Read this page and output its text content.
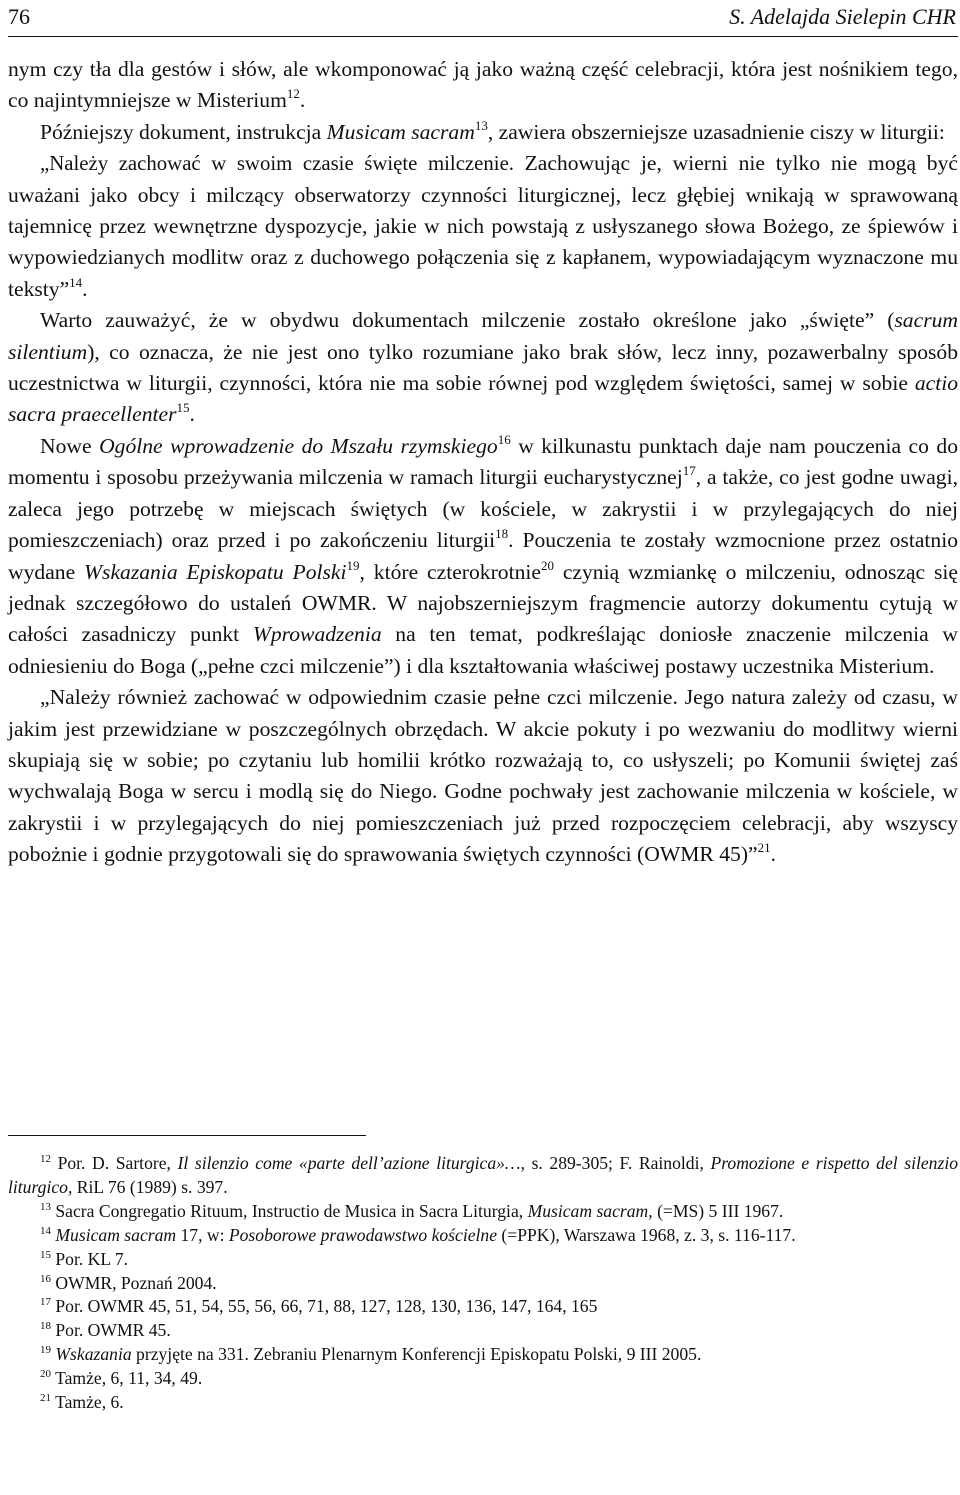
76	S. Adelajda Sielepin CHR

nym czy tła dla gestów i słów, ale wkomponować ją jako ważną część celebracji, która jest nośnikiem tego, co najintymniejsze w Misterium$^{12}$.

Późniejszy dokument, instrukcja Musicam sacram$^{13}$, zawiera obszerniejsze uzasadnienie ciszy w liturgii:

„Należy zachować w swoim czasie święte milczenie. Zachowując je, wierni nie tylko nie mogą być uważani jako obcy i milczący obserwatorzy czynności liturgicznej, lecz głębiej wnikają w sprawowaną tajemnicę przez wewnętrzne dyspozycje, jakie w nich powstają z usłyszanego słowa Bożego, ze śpiewów i wypowiedzianych modlitw oraz z duchowego połączenia się z kapłanem, wypowiadającym wyznaczone mu teksty”$^{14}$.

Warto zauważyć, że w obydwu dokumentach milczenie zostało określone jako „święte” (sacrum silentium), co oznacza, że nie jest ono tylko rozumiane jako brak słów, lecz inny, pozawerbalny sposób uczestnictwa w liturgii, czynności, która nie ma sobie równej pod względem świętości, samej w sobie actio sacra praecellenter$^{15}$.

Nowe Ogólne wprowadzenie do Mszału rzymskiego$^{16}$ w kilkunastu punktach daje nam pouczenia co do momentu i sposobu przeżywania milczenia w ramach liturgii eucharystycznej$^{17}$, a także, co jest godne uwagi, zaleca jego potrzebę w miejscach świętych (w kościele, w zakrystii i w przylegających do niej pomieszczeniach) oraz przed i po zakończeniu liturgii$^{18}$. Pouczenia te zostały wzmocnione przez ostatnio wydane Wskazania Episkopatu Polski$^{19}$, które czterokrotnie$^{20}$ czynią wzmiankę o milczeniu, odnosząc się jednak szczegółowo do ustaleń OWMR. W najobszerniejszym fragmencie autorzy dokumentu cytują w całości zasadniczy punkt Wprowadzenia na ten temat, podkreślając doniosłe znaczenie milczenia w odniesieniu do Boga („pełne czci milczenie”) i dla kształtowania właściwej postawy uczestnika Misterium.

„Należy również zachować w odpowiednim czasie pełne czci milczenie. Jego natura zależy od czasu, w jakim jest przewidziane w poszczególnych obrzędach. W akcie pokuty i po wezwaniu do modlitwy wierni skupiają się w sobie; po czytaniu lub homilii krótko rozważają to, co usłyszeli; po Komunii świętej zaś wychwalają Boga w sercu i modlą się do Niego. Godne pochwały jest zachowanie milczenia w kościele, w zakrystii i w przylegających do niej pomieszczeniach już przed rozpoczęciem celebracji, aby wszyscy pobożnie i godnie przygotowali się do sprawowania świętych czynności (OWMR 45)”$^{21}$.

$^{12}$ Por. D. Sartore, Il silenzio come «parte dell’azione liturgica»…, s. 289-305; F. Rainoldi, Promozione e rispetto del silenzio liturgico, RiL 76 (1989) s. 397.

$^{13}$ Sacra Congregatio Rituum, Instructio de Musica in Sacra Liturgia, Musicam sacram, (=MS) 5 III 1967.

$^{14}$ Musicam sacram 17, w: Posoborowe prawodawstwo kościelne (=PPK), Warszawa 1968, z. 3, s. 116-117.

$^{15}$ Por. KL 7.

$^{16}$ OWMR, Poznań 2004.

$^{17}$ Por. OWMR 45, 51, 54, 55, 56, 66, 71, 88, 127, 128, 130, 136, 147, 164, 165

$^{18}$ Por. OWMR 45.

$^{19}$ Wskazania przyjęte na 331. Zebraniu Plenarnym Konferencji Episkopatu Polski, 9 III 2005.

$^{20}$ Tamże, 6, 11, 34, 49.

$^{21}$ Tamże, 6.
